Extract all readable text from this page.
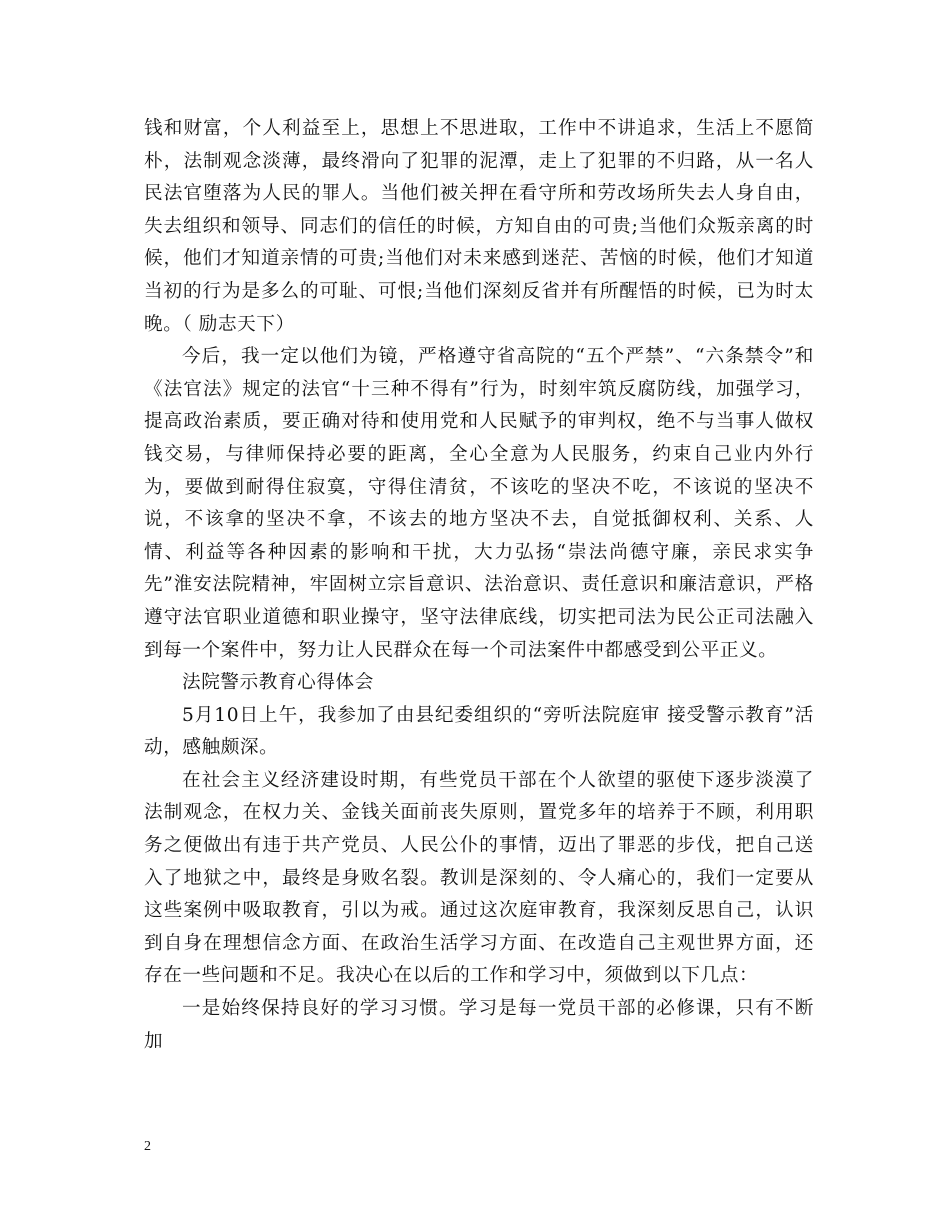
钱和财富，个人利益至上，思想上不思进取，工作中不讲追求，生活上不愿简朴，法制观念淡薄，最终滑向了犯罪的泥潭，走上了犯罪的不归路，从一名人民法官堕落为人民的罪人。当他们被关押在看守所和劳改场所失去人身自由，失去组织和领导、同志们的信任的时候，方知自由的可贵;当他们众叛亲离的时候，他们才知道亲情的可贵;当他们对未来感到迷茫、苦恼的时候，他们才知道当初的行为是多么的可耻、可恨;当他们深刻反省并有所醒悟的时候，已为时太晚。（ 励志天下）

今后，我一定以他们为镜，严格遵守省高院的“五个严禁”、“六条禁令”和《法官法》规定的法官“十三种不得有”行为，时刻牢筑反腐防线，加强学习，提高政治素质，要正确对待和使用党和人民赋予的审判权，绝不与当事人做权钱交易，与律师保持必要的距离，全心全意为人民服务，约束自己业内外行为，要做到耐得住寂寞，守得住清贫，不该吃的坚决不吃，不该说的坚决不说，不该拿的坚决不拿，不该去的地方坚决不去，自觉抵御权利、关系、人情、利益等各种因素的影响和干扰，大力弘扬“崇法尚德守廉，亲民求实争先”淮安法院精神，牢固树立宗旨意识、法治意识、责任意识和廉洁意识，严格遵守法官职业道德和职业操守，坚守法律底线，切实把司法为民公正司法融入到每一个案件中，努力让人民群众在每一个司法案件中都感受到公平正义。

法院警示教育心得体会

5月10日上午，我参加了由县纪委组织的“旁听法院庭审 接受警示教育”活动，感触颇深。

在社会主义经济建设时期，有些党员干部在个人欲望的驱使下逐步淡漠了法制观念，在权力关、金钱关面前丧失原则，置党多年的培养于不顾，利用职务之便做出有违于共产党员、人民公仆的事情，迈出了罪恶的步伐，把自己送入了地狱之中，最终是身败名裂。教训是深刻的、令人痛心的，我们一定要从这些案例中吸取教育，引以为戒。通过这次庭审教育，我深刻反思自己，认识到自身在理想信念方面、在政治生活学习方面、在改造自己主观世界方面，还存在一些问题和不足。我决心在以后的工作和学习中，须做到以下几点：

一是始终保持良好的学习习惯。学习是每一党员干部的必修课，只有不断加

2
